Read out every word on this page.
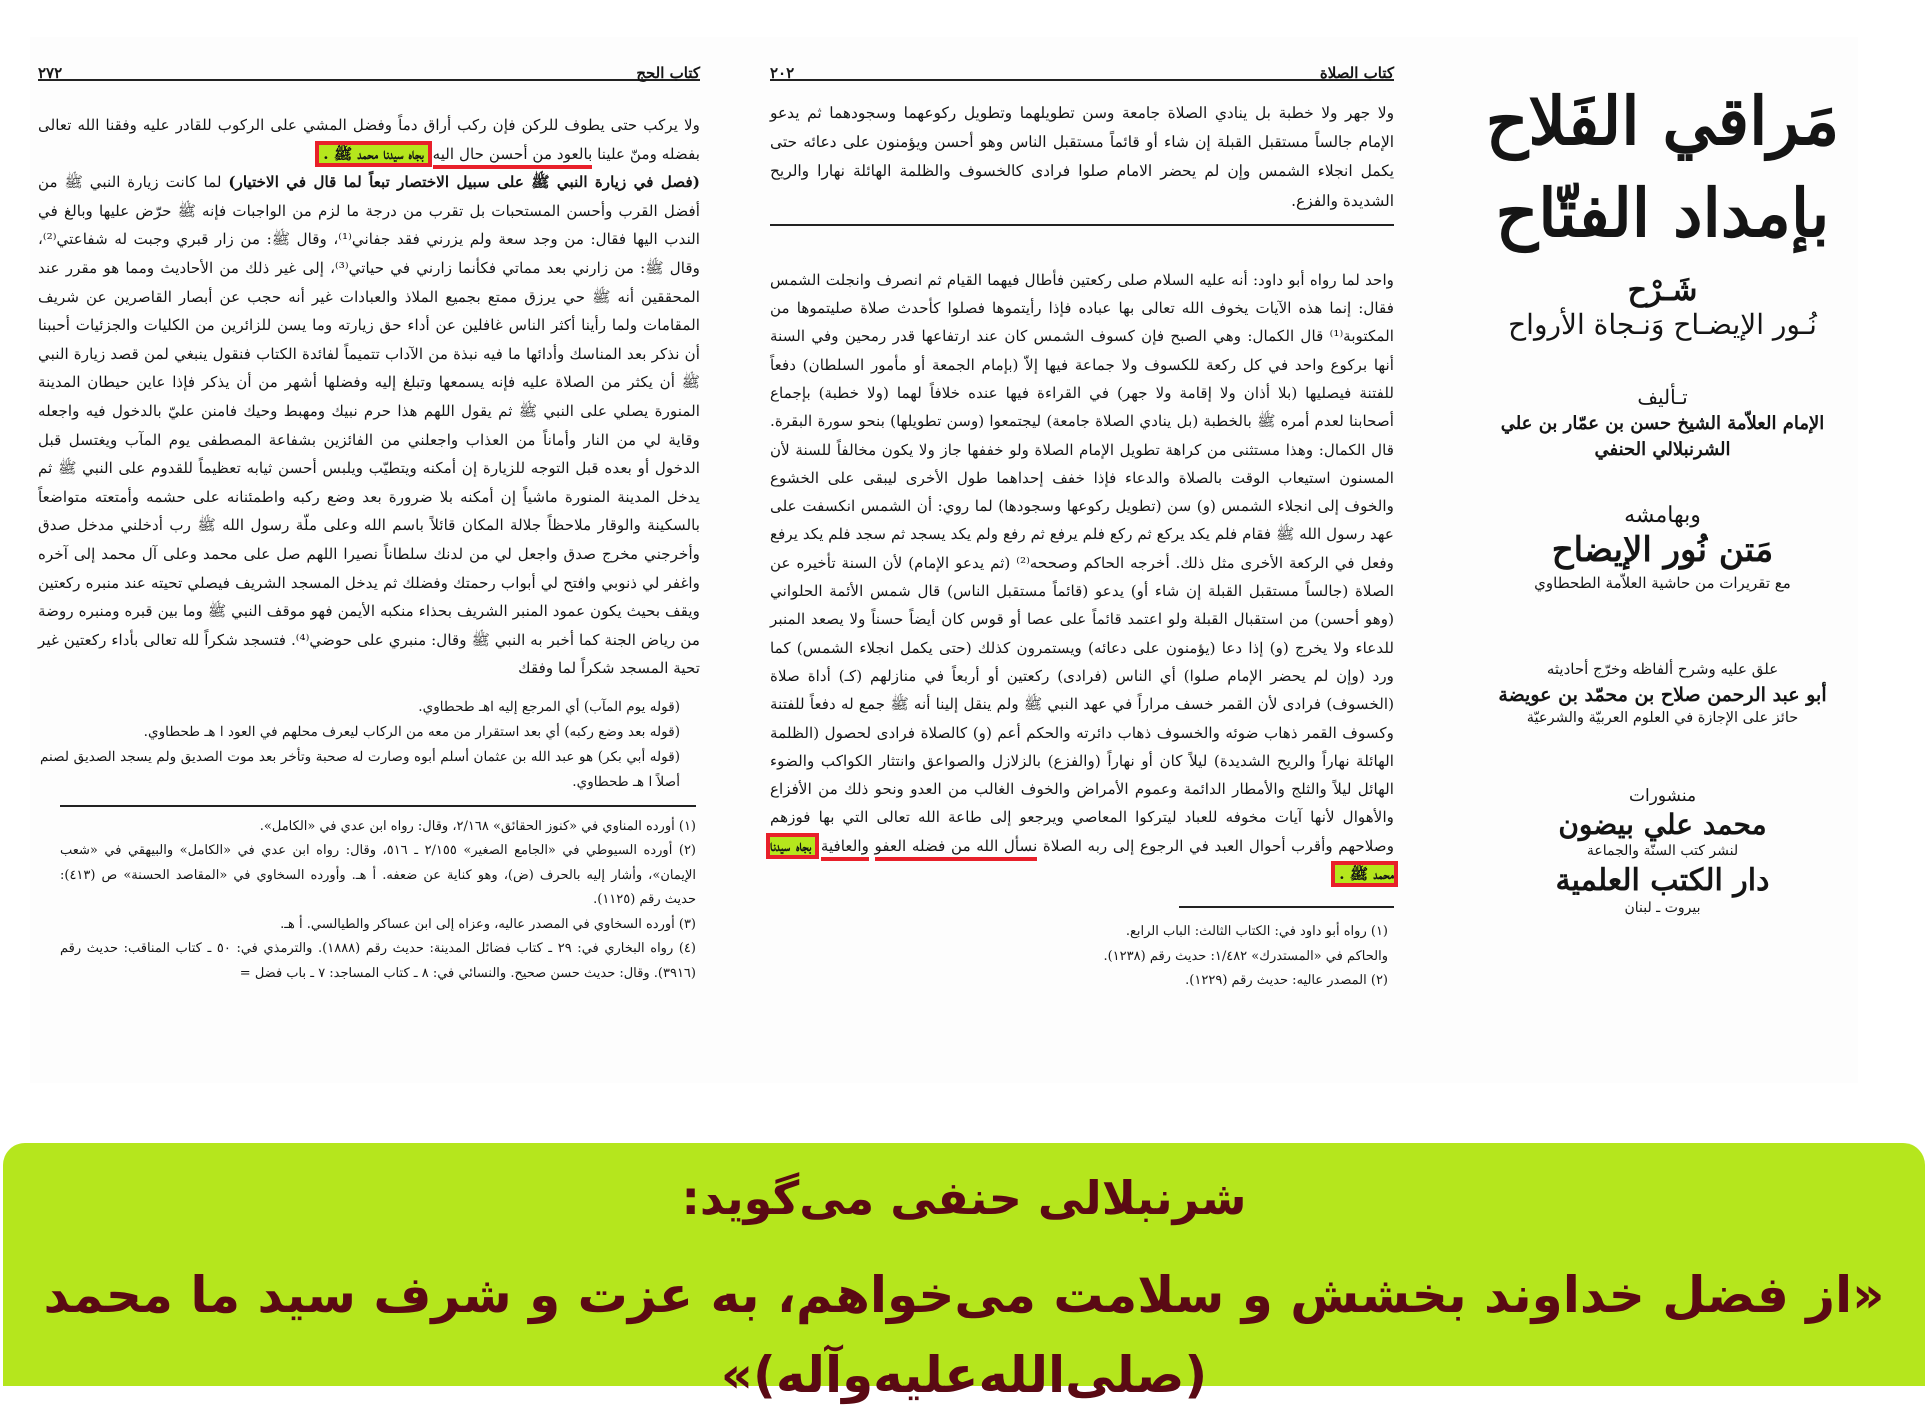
كتاب الحج
٢٧٢
ولا يركب حتى يطوف للركن فإن ركب أراق دماً وفضل المشي على الركوب للقادر عليه وفقنا الله تعالى بفضله ومنّ علينا بالعود من أحسن حال اليه بجاه سيدنا محمد ﷺ .
(فصل في زيارة النبي ﷺ على سبيل الاختصار تبعاً لما قال في الاختيار) لما كانت زيارة النبي ﷺ من أفضل القرب وأحسن المستحبات بل تقرب من درجة ما لزم من الواجبات فإنه ﷺ حرّض عليها وبالغ في الندب اليها فقال: من وجد سعة ولم يزرني فقد جفاني⁽¹⁾، وقال ﷺ: من زار قبري وجبت له شفاعتي⁽²⁾، وقال ﷺ: من زارني بعد مماتي فكأنما زارني في حياتي⁽³⁾، إلى غير ذلك من الأحاديث ومما هو مقرر عند المحققين أنه ﷺ حي يرزق ممتع بجميع الملاذ والعبادات غير أنه حجب عن أبصار القاصرين عن شريف المقامات ولما رأينا أكثر الناس غافلين عن أداء حق زيارته وما يسن للزائرين من الكليات والجزئيات أحببنا أن نذكر بعد المناسك وأدائها ما فيه نبذة من الآداب تتميماً لفائدة الكتاب فنقول ينبغي لمن قصد زيارة النبي ﷺ أن يكثر من الصلاة عليه فإنه يسمعها وتبلغ إليه وفضلها أشهر من أن يذكر فإذا عاين حيطان المدينة المنورة يصلي على النبي ﷺ ثم يقول اللهم هذا حرم نبيك ومهبط وحيك فامنن عليّ بالدخول فيه واجعله وقاية لي من النار وأماناً من العذاب واجعلني من الفائزين بشفاعة المصطفى يوم المآب ويغتسل قبل الدخول أو بعده قبل التوجه للزيارة إن أمكنه ويتطيّب ويلبس أحسن ثيابه تعظيماً للقدوم على النبي ﷺ ثم يدخل المدينة المنورة ماشياً إن أمكنه بلا ضرورة بعد وضع ركبه واطمئنانه على حشمه وأمتعته متواضعاً بالسكينة والوقار ملاحظاً جلالة المكان قائلاً باسم الله وعلى ملّة رسول الله ﷺ رب أدخلني مدخل صدق وأخرجني مخرج صدق واجعل لي من لدنك سلطاناً نصيرا اللهم صل على محمد وعلى آل محمد إلى آخره واغفر لي ذنوبي وافتح لي أبواب رحمتك وفضلك ثم يدخل المسجد الشريف فيصلي تحيته عند منبره ركعتين ويقف بحيث يكون عمود المنبر الشريف بحذاء منكبه الأيمن فهو موقف النبي ﷺ وما بين قبره ومنبره روضة من رياض الجنة كما أخبر به النبي ﷺ وقال: منبري على حوضي⁽⁴⁾. فتسجد شكراً لله تعالى بأداء ركعتين غير تحية المسجد شكراً لما وفقك
(قوله يوم المآب) أي المرجع إليه اهـ طحطاوي.
(قوله بعد وضع ركبه) أي بعد استقرار من معه من الركاب ليعرف محلهم في العود ا هـ طحطاوي.
(قوله أبي بكر) هو عبد الله بن عثمان أسلم أبوه وصارت له صحبة وتأخر بعد موت الصديق ولم يسجد الصديق لصنم أصلاً ا هـ طحطاوي.
(١) أورده المناوي في «كنوز الحقائق» ٢/١٦٨، وقال: رواه ابن عدي في «الكامل».
(٢) أورده السيوطي في «الجامع الصغير» ٢/١٥٥ ـ ٥١٦، وقال: رواه ابن عدي في «الكامل» والبيهقي في «شعب الإيمان»، وأشار إليه بالحرف (ض)، وهو كناية عن ضعفه. أ هـ. وأورده السخاوي في «المقاصد الحسنة» ص (٤١٣): حديث رقم (١١٢٥).
(٣) أورده السخاوي في المصدر عاليه، وعزاه إلى ابن عساكر والطيالسي. أ هـ.
(٤) رواه البخاري في: ٢٩ ـ كتاب فضائل المدينة: حديث رقم (١٨٨٨). والترمذي في: ٥٠ ـ كتاب المناقب: حديث رقم (٣٩١٦). وقال: حديث حسن صحيح. والنسائي في: ٨ ـ كتاب المساجد: ٧ ـ باب فضل =
كتاب الصلاة
٢٠٢
ولا جهر ولا خطبة بل ينادي الصلاة جامعة وسن تطويلهما وتطويل ركوعهما وسجودهما ثم يدعو الإمام جالساً مستقبل القبلة إن شاء أو قائماً مستقبل الناس وهو أحسن ويؤمنون على دعائه حتى يكمل انجلاء الشمس وإن لم يحضر الامام صلوا فرادى كالخسوف والظلمة الهائلة نهارا والريح الشديدة والفزع.
واحد لما رواه أبو داود: أنه عليه السلام صلى ركعتين فأطال فيهما القيام ثم انصرف وانجلت الشمس فقال: إنما هذه الآيات يخوف الله تعالى بها عباده فإذا رأيتموها فصلوا كأحدث صلاة صليتموها من المكتوبة⁽¹⁾ قال الكمال: وهي الصبح فإن كسوف الشمس كان عند ارتفاعها قدر رمحين وفي السنة أنها بركوع واحد في كل ركعة للكسوف ولا جماعة فيها إلاّ (بإمام الجمعة أو مأمور السلطان) دفعاً للفتنة فيصليها (بلا أذان ولا إقامة ولا جهر) في القراءة فيها عنده خلافاً لهما (ولا خطبة) بإجماع أصحابنا لعدم أمره ﷺ بالخطبة (بل ينادي الصلاة جامعة) ليجتمعوا (وسن تطويلها) بنحو سورة البقرة. قال الكمال: وهذا مستثنى من كراهة تطويل الإمام الصلاة ولو خففها جاز ولا يكون مخالفاً للسنة لأن المسنون استيعاب الوقت بالصلاة والدعاء فإذا خفف إحداهما طول الأخرى ليبقى على الخشوع والخوف إلى انجلاء الشمس (و) سن (تطويل ركوعها وسجودها) لما روي: أن الشمس انكسفت على عهد رسول الله ﷺ فقام فلم يكد يركع ثم ركع فلم يرفع ثم رفع ولم يكد يسجد ثم سجد فلم يكد يرفع وفعل في الركعة الأخرى مثل ذلك. أخرجه الحاكم وصححه⁽²⁾ (ثم يدعو الإمام) لأن السنة تأخيره عن الصلاة (جالساً مستقبل القبلة إن شاء أو) يدعو (قائماً مستقبل الناس) قال شمس الأئمة الحلواني (وهو أحسن) من استقبال القبلة ولو اعتمد قائماً على عصا أو قوس كان أيضاً حسناً ولا يصعد المنبر للدعاء ولا يخرج (و) إذا دعا (يؤمنون على دعائه) ويستمرون كذلك (حتى يكمل انجلاء الشمس) كما ورد (وإن لم يحضر الإمام صلوا) أي الناس (فرادى) ركعتين أو أربعاً في منازلهم (كـ) أداة صلاة (الخسوف) فرادى لأن القمر خسف مراراً في عهد النبي ﷺ ولم ينقل إلينا أنه ﷺ جمع له دفعاً للفتنة وكسوف القمر ذهاب ضوئه والخسوف ذهاب دائرته والحكم أعم (و) كالصلاة فرادى لحصول (الظلمة الهائلة نهاراً والريح الشديدة) ليلاً كان أو نهاراً (والفزع) بالزلازل والصواعق وانتثار الكواكب والضوء الهائل ليلاً والثلج والأمطار الدائمة وعموم الأمراض والخوف الغالب من العدو ونحو ذلك من الأفزاع والأهوال لأنها آيات مخوفه للعباد ليتركوا المعاصي ويرجعو إلى طاعة الله تعالى التي بها فوزهم وصلاحهم وأقرب أحوال العبد في الرجوع إلى ربه الصلاة نسأل الله من فضله العفو والعافية بجاه سيدنا محمد ﷺ .
(١) رواه أبو داود في: الكتاب الثالث: الباب الرابع.
والحاكم في «المستدرك» ١/٤٨٢: حديث رقم (١٢٣٨).
(٢) المصدر عاليه: حديث رقم (١٢٢٩).
مَراقي الفَلاح
بإمداد الفتّاح
شَـرْح
نُـور الإيضـاح وَنـجاة الأرواح
تـأليف
الإمام العلاّمة الشيخ حسن بن عمّار بن علي الشرنبلالي الحنفي
وبهامشه
مَتن نُور الإيضاح
مع تقريرات من حاشية العلاّمة الطحطاوي
علق عليه وشرح ألفاظه وخرّج أحاديثه
أبو عبد الرحمن صلاح بن محمّد بن عويضة
حائز على الإجازة في العلوم العربيّة والشرعيّة
منشورات
محمد علي بيضون
لنشر كتب السنّة والجماعة
دار الكتب العلمية
بيروت ـ لبنان
شرنبلالی حنفی می‌گوید:
«از فضل خداوند بخشش و سلامت می‌خواهم، به عزت و شرف سید ما محمد (صلی‌الله‌علیه‌وآله)»
